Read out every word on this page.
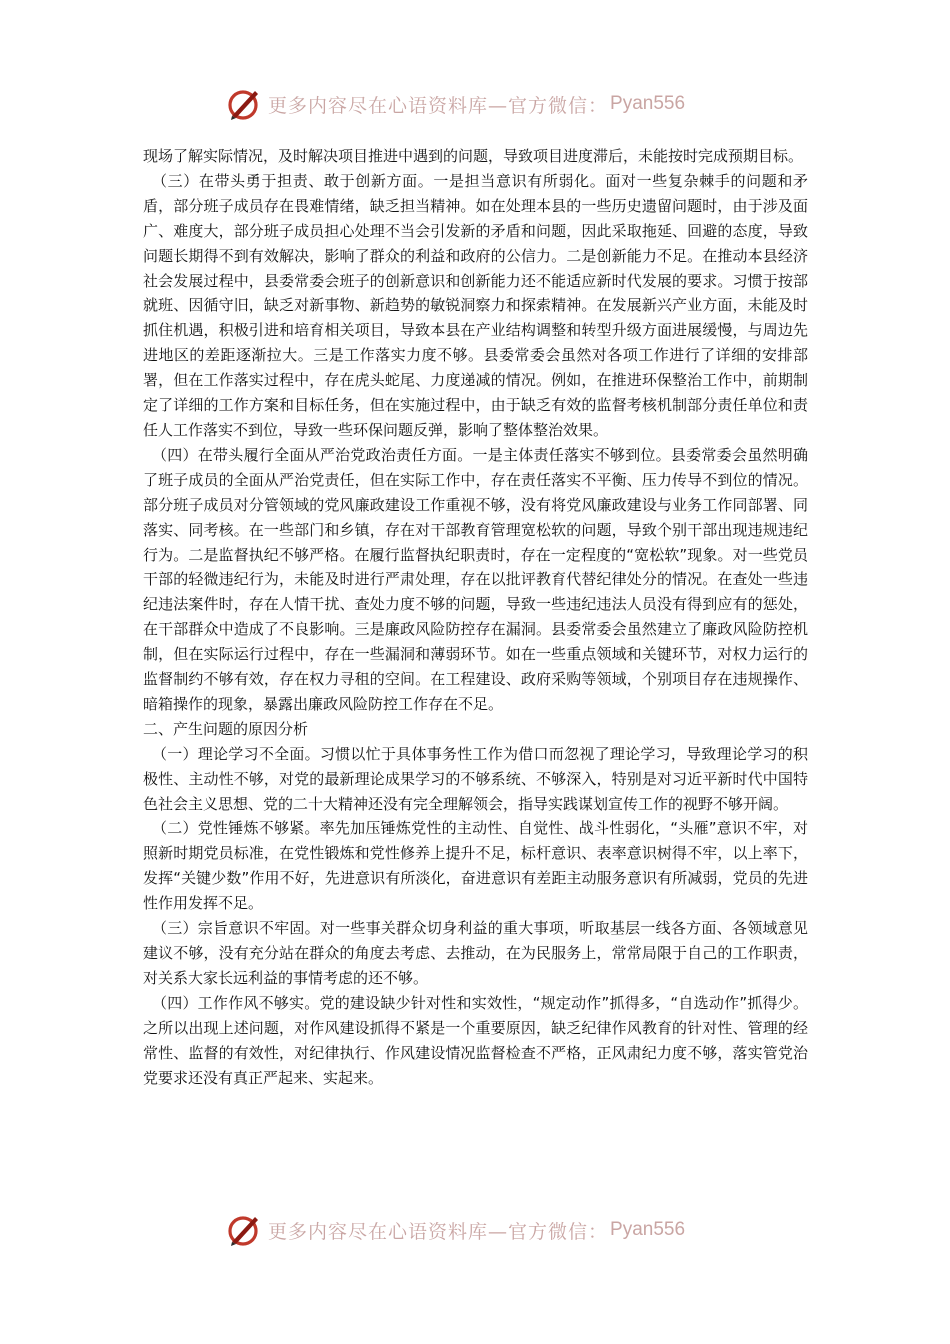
更多内容尽在心语资料库—官方微信： Pyan556

现场了解实际情况，及时解决项目推进中遇到的问题，导致项目进度滞后，未能按时完成预期目标。

（三）在带头勇于担责、敢于创新方面。一是担当意识有所弱化。面对一些复杂棘手的问题和矛盾，部分班子成员存在畏难情绪，缺乏担当精神。如在处理本县的一些历史遗留问题时，由于涉及面广、难度大，部分班子成员担心处理不当会引发新的矛盾和问题，因此采取拖延、回避的态度，导致问题长期得不到有效解决，影响了群众的利益和政府的公信力。二是创新能力不足。在推动本县经济社会发展过程中，县委常委会班子的创新意识和创新能力还不能适应新时代发展的要求。习惯于按部就班、因循守旧，缺乏对新事物、新趋势的敏锐洞察力和探索精神。在发展新兴产业方面，未能及时抓住机遇，积极引进和培育相关项目，导致本县在产业结构调整和转型升级方面进展缓慢，与周边先进地区的差距逐渐拉大。三是工作落实力度不够。县委常委会虽然对各项工作进行了详细的安排部署，但在工作落实过程中，存在虎头蛇尾、力度递减的情况。例如，在推进环保整治工作中，前期制定了详细的工作方案和目标任务，但在实施过程中，由于缺乏有效的监督考核机制部分责任单位和责任人工作落实不到位，导致一些环保问题反弹，影响了整体整治效果。

（四）在带头履行全面从严治党政治责任方面。一是主体责任落实不够到位。县委常委会虽然明确了班子成员的全面从严治党责任，但在实际工作中，存在责任落实不平衡、压力传导不到位的情况。部分班子成员对分管领域的党风廉政建设工作重视不够，没有将党风廉政建设与业务工作同部署、同落实、同考核。在一些部门和乡镇，存在对干部教育管理宽松软的问题，导致个别干部出现违规违纪行为。二是监督执纪不够严格。在履行监督执纪职责时，存在一定程度的“宽松软”现象。对一些党员干部的轻微违纪行为，未能及时进行严肃处理，存在以批评教育代替纪律处分的情况。在查处一些违纪违法案件时，存在人情干扰、查处力度不够的问题，导致一些违纪违法人员没有得到应有的惩处，在干部群众中造成了不良影响。三是廉政风险防控存在漏洞。县委常委会虽然建立了廉政风险防控机制，但在实际运行过程中，存在一些漏洞和薄弱环节。如在一些重点领域和关键环节，对权力运行的监督制约不够有效，存在权力寻租的空间。在工程建设、政府采购等领域，个别项目存在违规操作、暗箱操作的现象，暴露出廉政风险防控工作存在不足。

二、产生问题的原因分析

（一）理论学习不全面。习惯以忙于具体事务性工作为借口而忽视了理论学习，导致理论学习的积极性、主动性不够，对党的最新理论成果学习的不够系统、不够深入，特别是对习近平新时代中国特色社会主义思想、党的二十大精神还没有完全理解领会，指导实践谋划宣传工作的视野不够开阔。

（二）党性锤炼不够紧。率先加压锤炼党性的主动性、自觉性、战斗性弱化，“头雁”意识不牢，对照新时期党员标准，在党性锻炼和党性修养上提升不足，标杆意识、表率意识树得不牢，以上率下，发挥“关键少数”作用不好，先进意识有所淡化，奋进意识有差距主动服务意识有所减弱，党员的先进性作用发挥不足。

（三）宗旨意识不牢固。对一些事关群众切身利益的重大事项，听取基层一线各方面、各领域意见建议不够，没有充分站在群众的角度去考虑、去推动，在为民服务上，常常局限于自己的工作职责，对关系大家长远利益的事情考虑的还不够。

（四）工作作风不够实。党的建设缺少针对性和实效性，“规定动作”抓得多，“自选动作”抓得少。之所以出现上述问题，对作风建设抓得不紧是一个重要原因，缺乏纪律作风教育的针对性、管理的经常性、监督的有效性，对纪律执行、作风建设情况监督检查不严格，正风肃纪力度不够，落实管党治党要求还没有真正严起来、实起来。

更多内容尽在心语资料库—官方微信： Pyan556
